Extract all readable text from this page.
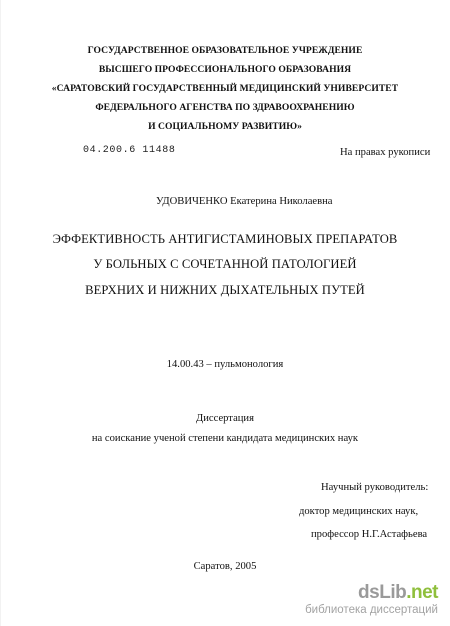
ГОСУДАРСТВЕННОЕ ОБРАЗОВАТЕЛЬНОЕ УЧРЕЖДЕНИЕ
ВЫСШЕГО ПРОФЕССИОНАЛЬНОГО ОБРАЗОВАНИЯ
«САРАТОВСКИЙ ГОСУДАРСТВЕННЫЙ МЕДИЦИНСКИЙ УНИВЕРСИТЕТ
ФЕДЕРАЛЬНОГО АГЕНСТВА ПО ЗДРАВООХРАНЕНИЮ
И СОЦИАЛЬНОМУ РАЗВИТИЮ»
04.200.6 11488	На правах рукописи
УДОВИЧЕНКО Екатерина Николаевна
ЭФФЕКТИВНОСТЬ АНТИГИСТАМИНОВЫХ ПРЕПАРАТОВ
У БОЛЬНЫХ С СОЧЕТАННОЙ ПАТОЛОГИЕЙ
ВЕРХНИХ И НИЖНИХ ДЫХАТЕЛЬНЫХ ПУТЕЙ
14.00.43 – пульмонология
Диссертация
на соискание ученой степени кандидата медицинских наук
Научный руководитель:
доктор медицинских наук,
профессор Н.Г.Астафьева
Саратов, 2005
dsLib.net
библиотека диссертаций
